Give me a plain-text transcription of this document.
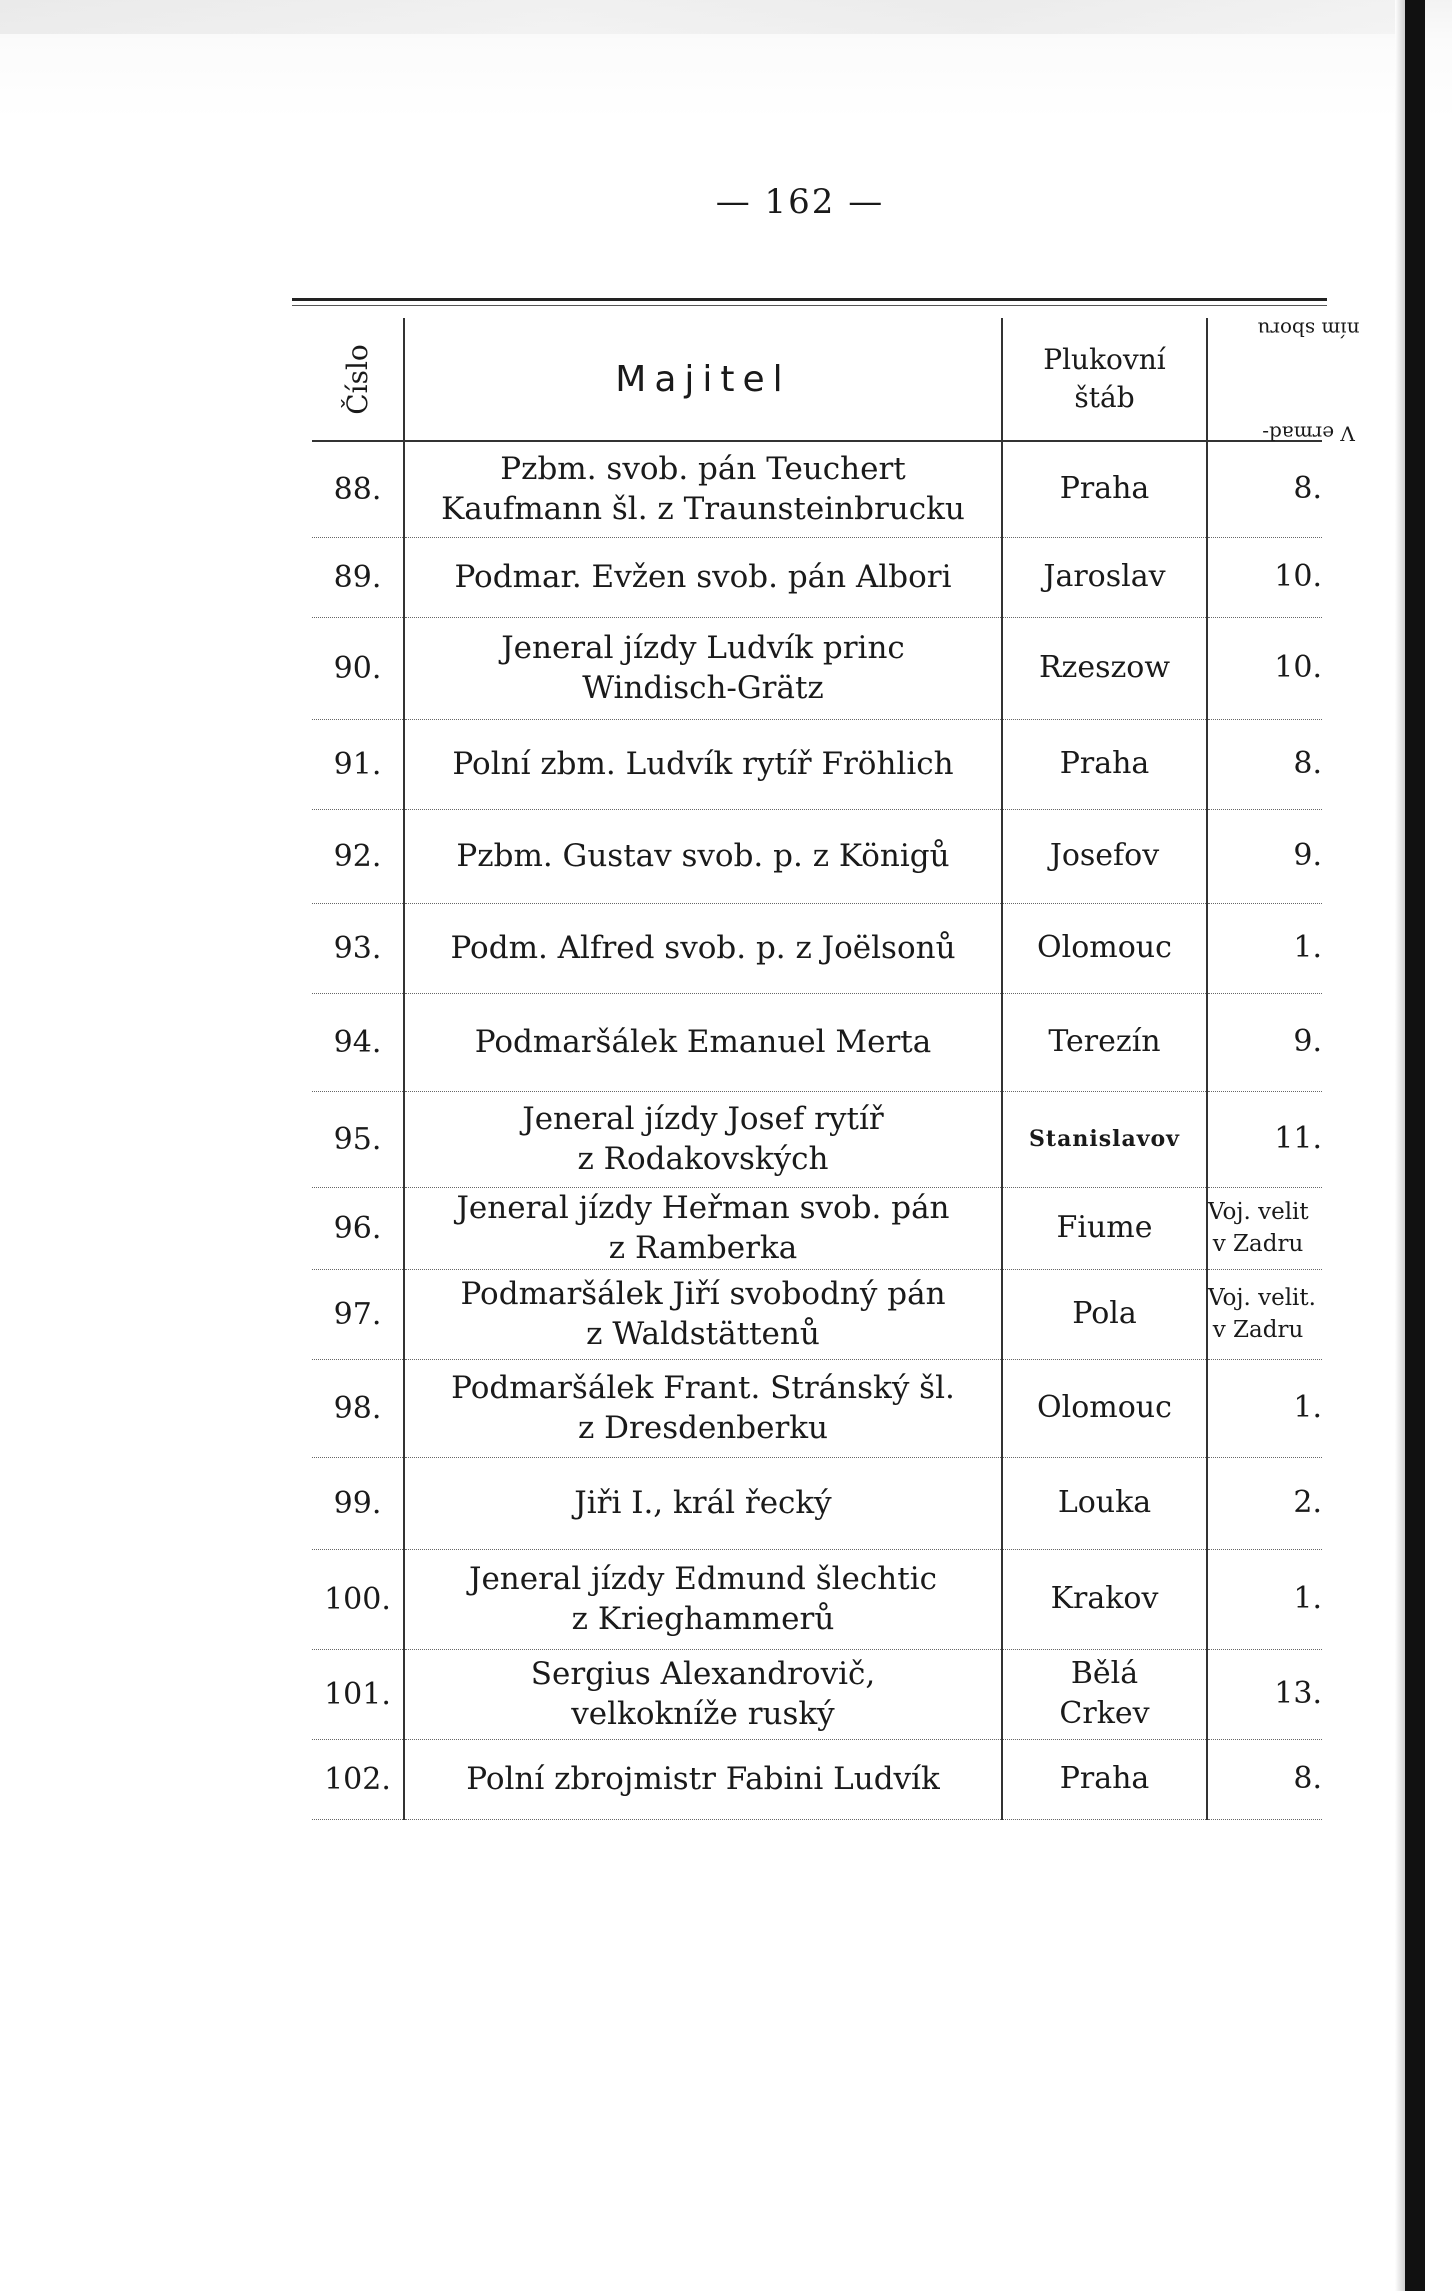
— 162 —
Číslo	Majitel	Plukovní
štáb	V ermad- ním sboru
88.	Pzbm. svob. pán Teuchert
Kaufmann šl. z Traunsteinbrucku	Praha	8.

89.	Podmar. Evžen svob. pán Albori	Jaroslav	10.

90.	Jeneral jízdy Ludvík princ
Windisch-Grätz	Rzeszow	10.

91.	Polní zbm. Ludvík rytíř Fröhlich	Praha	8.

92.	Pzbm. Gustav svob. p. z Königů	Josefov	9.

93.	Podm. Alfred svob. p. z Joëlsonů	Olomouc	1.

94.	Podmaršálek Emanuel Merta	Terezín	9.

95.	Jeneral jízdy Josef rytíř
z Rodakovských	Stanislavov	11.

96.	Jeneral jízdy Heřman svob. pán
z Ramberka	Fiume	Voj. velit
v Zadru

97.	Podmaršálek Jiří svobodný pán
z Waldstättenů	Pola	Voj. velit.
v Zadru

98.	Podmaršálek Frant. Stránský šl.
z Dresdenberku	Olomouc	1.

99.	Jiři I., král řecký	Louka	2.

100.	Jeneral jízdy Edmund šlechtic
z Krieghammerů	Krakov	1.

101.	Sergius Alexandrovič,
velkokníže ruský	Bělá
Crkev	13.

102.	Polní zbrojmistr Fabini Ludvík	Praha	8.
